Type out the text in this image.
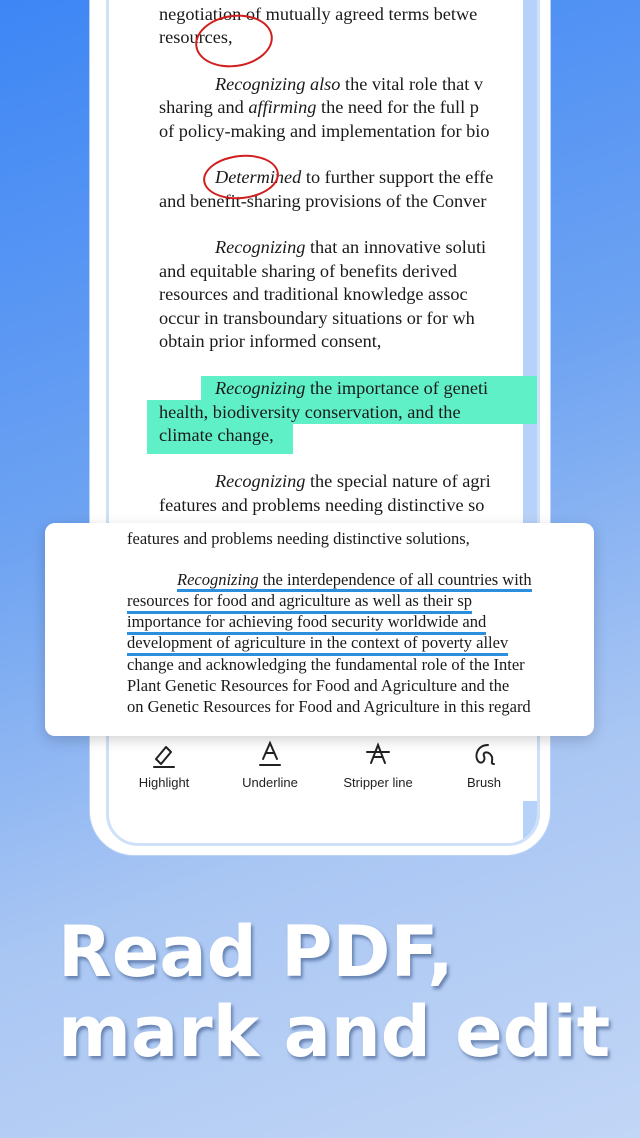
negotiation of mutually agreed terms betwe
resources,
Recognizing also the vital role that v
sharing and affirming the need for the full p
of policy-making and implementation for bio
Determined to further support the effe
and benefit-sharing provisions of the Conver
Recognizing that an innovative soluti
and equitable sharing of benefits derived
resources and traditional knowledge assoc
occur in transboundary situations or for wh
obtain prior informed consent,
Recognizing the importance of geneti
health, biodiversity conservation, and the
climate change,
Recognizing the special nature of agri
features and problems needing distinctive so
Highlight	Underline	Stripper line	Brush
features and problems needing distinctive solutions,
Recognizing the interdependence of all countries with
resources for food and agriculture as well as their sp
importance for achieving food security worldwide and
development of agriculture in the context of poverty allev
change and acknowledging the fundamental role of the Inter
Plant Genetic Resources for Food and Agriculture and the
on Genetic Resources for Food and Agriculture in this regard
Read PDF,
mark and edit
